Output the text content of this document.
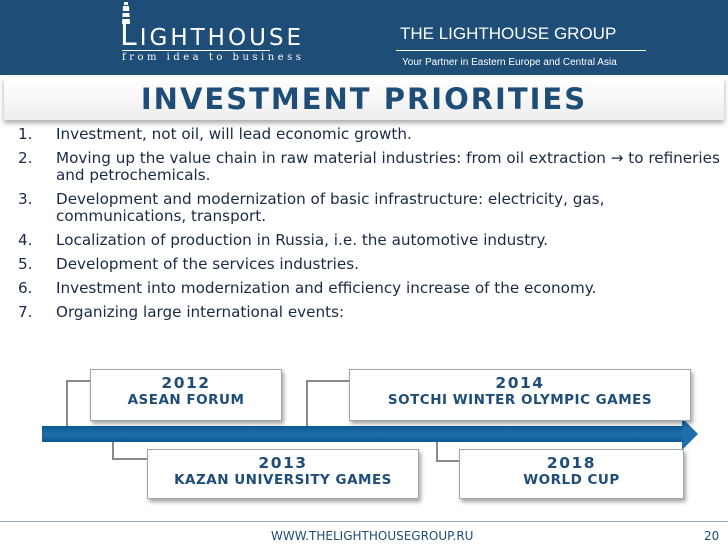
LIGHTHOUSE
from idea to business
THE LIGHTHOUSE GROUP
Your Partner in Eastern Europe and Central Asia
INVESTMENT PRIORITIES
1. Investment, not oil, will lead economic growth.
2. Moving up the value chain in raw material industries: from oil extraction → to refineries and petrochemicals.
3. Development and modernization of basic infrastructure: electricity, gas, communications, transport.
4. Localization of production in Russia, i.e. the automotive industry.
5. Development of the services industries.
6. Investment into modernization and efficiency increase of the economy.
7. Organizing large international events:
2012
ASEAN FORUM
2013
KAZAN UNIVERSITY GAMES
2014
SOTCHI WINTER OLYMPIC GAMES
2018
WORLD CUP
WWW.THELIGHTHOUSEGROUP.RU	20
